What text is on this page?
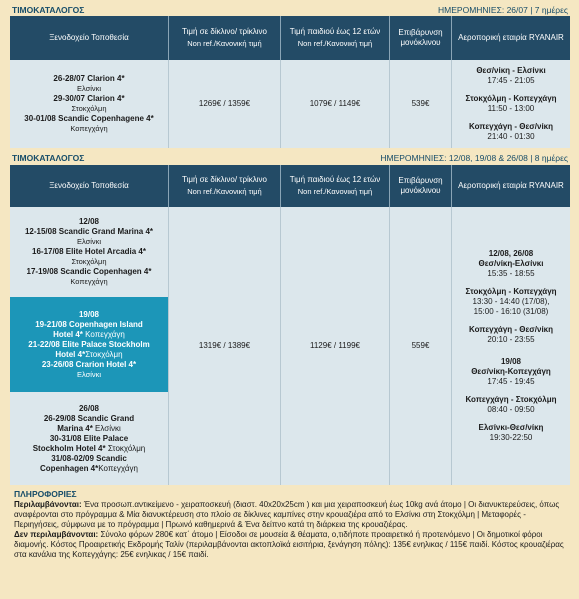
ΤΙΜΟΚΑΤΑΛΟΓΟΣ	ΗΜΕΡΟΜΗΝΙΕΣ: 26/07 | 7 ημέρες
Ξενοδοχείο Τοποθεσία
Τιμή σε δίκλινο/ τρίκλινο
Non ref./Κανονική τιμή
Τιμή παιδιού έως 12 ετών
Non ref./Κανονική τιμή
Επιβάρυνση μονόκλινου
Αεροπορική εταιρία RYANAIR
26-28/07 Clarion 4*
Ελσίνκι
29-30/07 Clarion 4*
Στοκχόλμη
30-01/08 Scandic Copenhagene 4*
Κοπεγχάγη
1269€ / 1359€	1079€ / 1149€	539€

Θεσ/νίκη - Ελσίνκι

17:45 - 21:05

Στοκχόλμη - Κοπεγχάγη

11:50 - 13:00

Κοπεγχάγη - Θεσ/νίκη

21:40 - 01:30

ΤΙΜΟΚΑΤΑΛΟΓΟΣ	ΗΜΕΡΟΜΗΝΙΕΣ: 12/08, 19/08 & 26/08 | 8 ημέρες
Ξενοδοχείο Τοποθεσία
Τιμή σε δίκλινο/ τρίκλινο
Non ref./Κανονική τιμή
Τιμή παιδιού έως 12 ετών
Non ref./Κανονική τιμή
Επιβάρυνση μονόκλινου
Αεροπορική εταιρία RYANAIR
12/08
12-15/08 Scandic Grand Marina 4*
Ελσίνκι
16-17/08 Elite Hotel Arcadia 4*
Στοκχόλμη
17-19/08 Scandic Copenhagen 4*
Κοπεγχάγη
19/08
19-21/08 Copenhagen Island
Hotel 4* Κοπεγχάγη
21-22/08 Elite Palace Stockholm
Hotel 4*Στοκχόλμη
23-26/08 Crarion Hotel 4*
Ελσίνκι
26/08
26-29/08 Scandic Grand
Marina 4* Ελσίνκι
30-31/08 Elite Palace
Stockholm Hotel 4* Στοκχόλμη
31/08-02/09 Scandic
Copenhagen 4*Κοπεγχάγη
1319€ / 1389€	1129€ / 1199€	559€

12/08, 26/08

Θεσ/νίκη-Ελσίνκι

15:35 - 18:55

Στοκχόλμη - Κοπεγχάγη

13:30 - 14:40 (17/08),

15:00 - 16:10 (31/08)

Κοπεγχάγη - Θεσ/νίκη

20:10 - 23:55

19/08

Θεσ/νίκη-Κοπεγχάγη

17:45 - 19:45

Κοπεγχάγη - Στοκχόλμη

08:40 - 09:50

Ελσίνκι-Θεσ/νίκη

19:30-22:50

ΠΛΗΡΟΦΟΡΙΕΣ
Περιλαμβάνονται: Ένα προσωπ.αντικείμενο - χειραποσκευή (διαστ. 40x20x25cm ) και μια χειραποσκευή έως 10kg ανά άτομο | Οι διανυκτερεύσεις, όπως αναφέρονται στο πρόγραμμα & Μία διανυκτέρευση στο πλοίο σε δίκλινες καμπίνες στην κρουαζιέρα από το Ελσίνκι στη Στοκχόλμη | Μεταφορές - Περιηγήσεις, σύμφωνα με το πρόγραμμα | Πρωινό καθημερινά & Ένα δείπνο κατά τη διάρκεια της κρουαζιέρας.
Δεν περιλαμβάνονται: Σύνολο φόρων 280€ κατ΄ άτομο | Είσοδοι σε μουσεία & θέαματα, ο,τιδήποτε προαιρετικό ή προτεινόμενο | Οι δημοτικοί φόροι διαμονής. Κόστος Προαιρετικής Εκδρομής Ταλίν (περιλαμβάνονται ακτοπλοϊκά εισιτήρια, ξενάγηση πόλης): 135€ ενηλικας / 115€ παιδί. Κόστος κρουαζιέρας στα κανάλια της Κοπεγχάγης: 25€ ενηλικας / 15€ παιδί.
